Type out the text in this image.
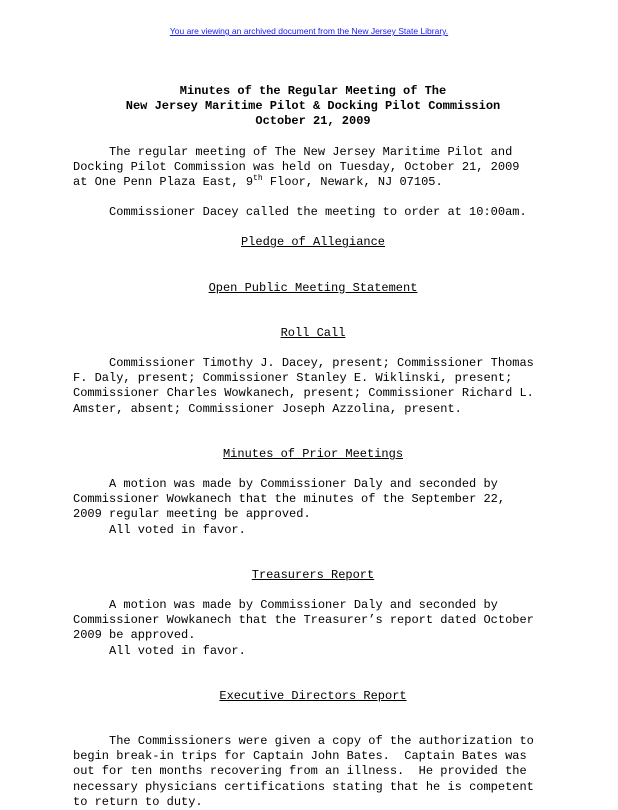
You are viewing an archived document from the New Jersey State Library.
Minutes of the Regular Meeting of The
New Jersey Maritime Pilot & Docking Pilot Commission
October 21, 2009
The regular meeting of The New Jersey Maritime Pilot and
Docking Pilot Commission was held on Tuesday, October 21, 2009
at One Penn Plaza East, 9th Floor, Newark, NJ 07105.
Commissioner Dacey called the meeting to order at 10:00am.
Pledge of Allegiance
Open Public Meeting Statement
Roll Call
Commissioner Timothy J. Dacey, present; Commissioner Thomas
F. Daly, present; Commissioner Stanley E. Wiklinski, present;
Commissioner Charles Wowkanech, present; Commissioner Richard L.
Amster, absent; Commissioner Joseph Azzolina, present.
Minutes of Prior Meetings
A motion was made by Commissioner Daly and seconded by
Commissioner Wowkanech that the minutes of the September 22,
2009 regular meeting be approved.
All voted in favor.
Treasurers Report
A motion was made by Commissioner Daly and seconded by
Commissioner Wowkanech that the Treasurer’s report dated October
2009 be approved.
All voted in favor.
Executive Directors Report
The Commissioners were given a copy of the authorization to
begin break-in trips for Captain John Bates.  Captain Bates was
out for ten months recovering from an illness.  He provided the
necessary physicians certifications stating that he is competent
to return to duty.
